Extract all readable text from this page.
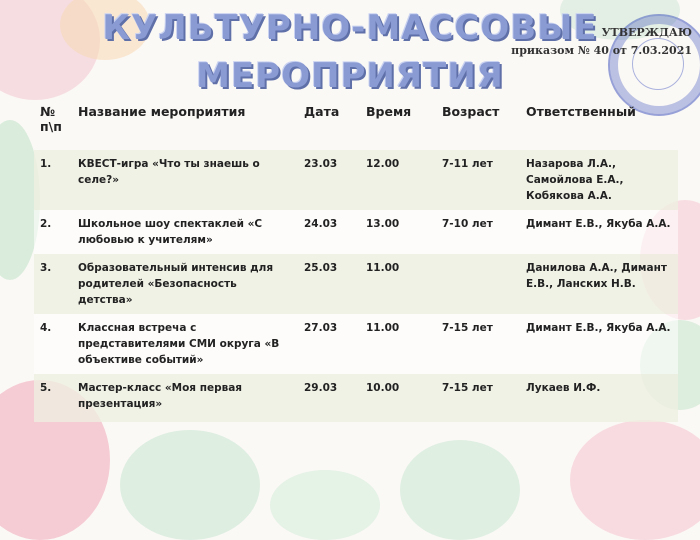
КУЛЬТУРНО-МАССОВЫЕ
МЕРОПРИЯТИЯ
УТВЕРЖДАЮ
приказом № 40 от 7.03.2021
№ п\п	Название мероприятия	Дата	Время	Возраст	Ответственный
1.	КВЕСТ-игра «Что ты знаешь о селе?»	23.03	12.00	7-11 лет	Назарова Л.А., Самойлова Е.А., Кобякова А.А.
2.	Школьное шоу спектаклей «С любовью к учителям»	24.03	13.00	7-10 лет	Димант Е.В., Якуба А.А.
3.	Образовательный интенсив для родителей «Безопасность детства»	25.03	11.00		Данилова А.А., Димант Е.В., Ланских Н.В.
4.	Классная встреча с представителями СМИ округа «В объективе событий»	27.03	11.00	7-15 лет	Димант Е.В., Якуба А.А.
5.	Мастер-класс «Моя первая презентация»	29.03	10.00	7-15 лет	Лукаев И.Ф.
